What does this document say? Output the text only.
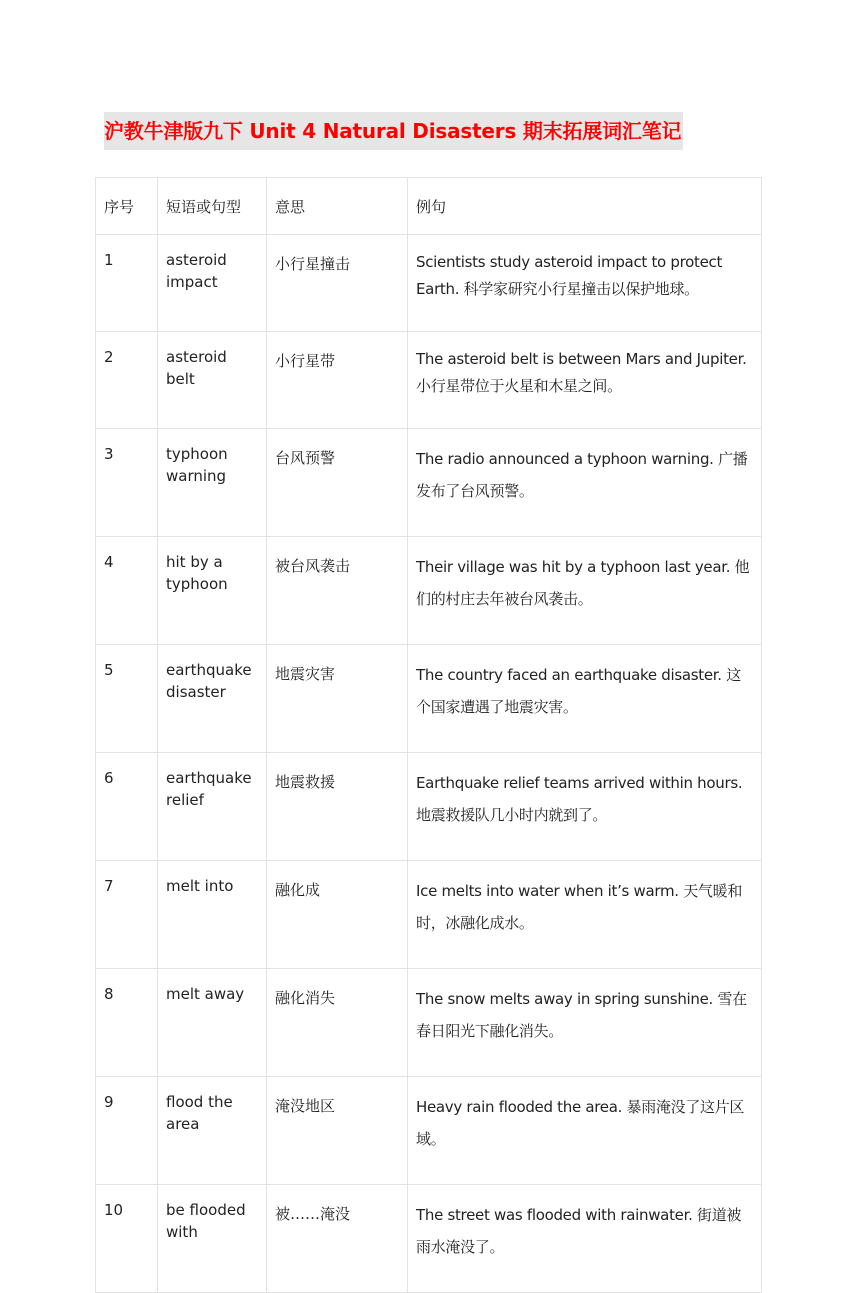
沪教牛津版九下 Unit 4 Natural Disasters 期末拓展词汇笔记
序号	短语或句型	意思	例句
1	asteroid impact	小行星撞击	Scientists study asteroid impact to protect Earth. 科学家研究小行星撞击以保护地球。
2	asteroid belt	小行星带	The asteroid belt is between Mars and Jupiter. 小行星带位于火星和木星之间。
3	typhoon warning	台风预警	The radio announced a typhoon warning. 广播发布了台风预警。
4	hit by a typhoon	被台风袭击	Their village was hit by a typhoon last year. 他们的村庄去年被台风袭击。
5	earthquake disaster	地震灾害	The country faced an earthquake disaster. 这个国家遭遇了地震灾害。
6	earthquake relief	地震救援	Earthquake relief teams arrived within hours. 地震救援队几小时内就到了。
7	melt into	融化成	Ice melts into water when it’s warm. 天气暖和时，冰融化成水。
8	melt away	融化消失	The snow melts away in spring sunshine. 雪在春日阳光下融化消失。
9	flood the area	淹没地区	Heavy rain flooded the area. 暴雨淹没了这片区域。
10	be flooded with	被……淹没	The street was flooded with rainwater. 街道被雨水淹没了。
